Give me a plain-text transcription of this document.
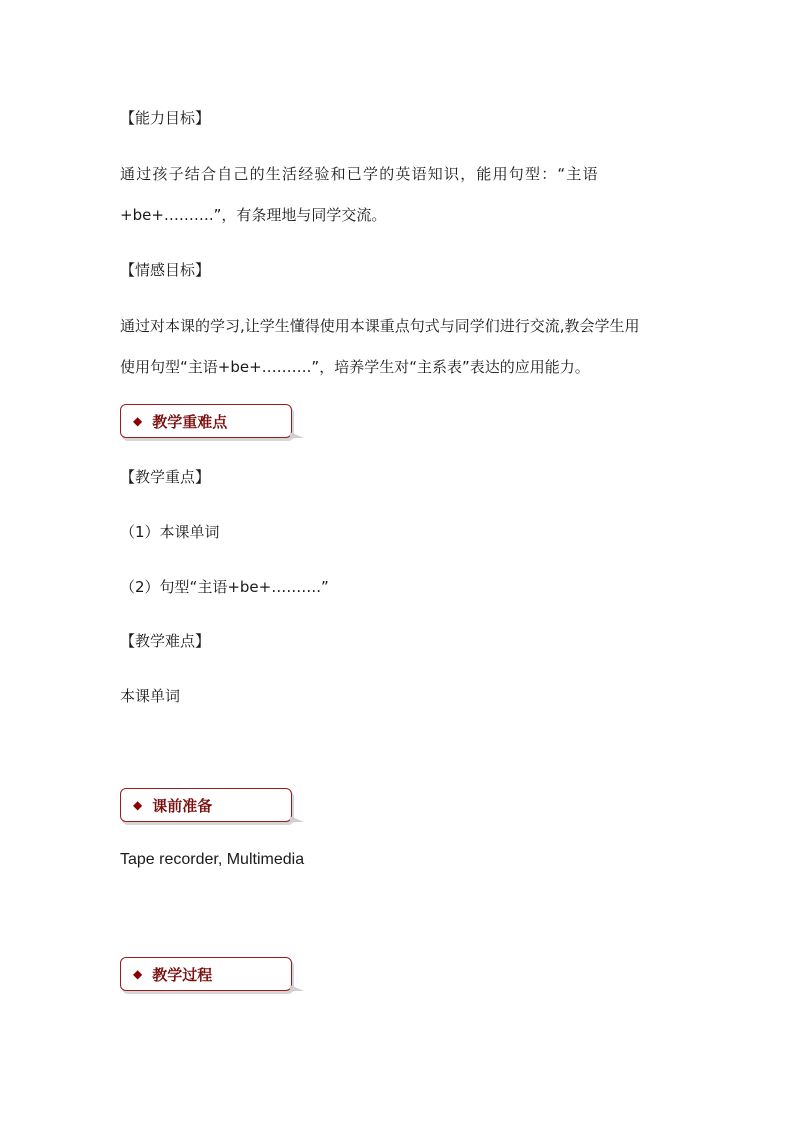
【能力目标】
通过孩子结合自己的生活经验和已学的英语知识，能用句型：“主语
+be+……….”，有条理地与同学交流。
【情感目标】
通过对本课的学习,让学生懂得使用本课重点句式与同学们进行交流,教会学生用
使用句型“主语+be+……….”，培养学生对“主系表”表达的应用能力。
◆ 教学重难点
【教学重点】
（1）本课单词
（2）句型“主语+be+……….”
【教学难点】
本课单词
◆ 课前准备
Tape recorder, Multimedia
◆ 教学过程
